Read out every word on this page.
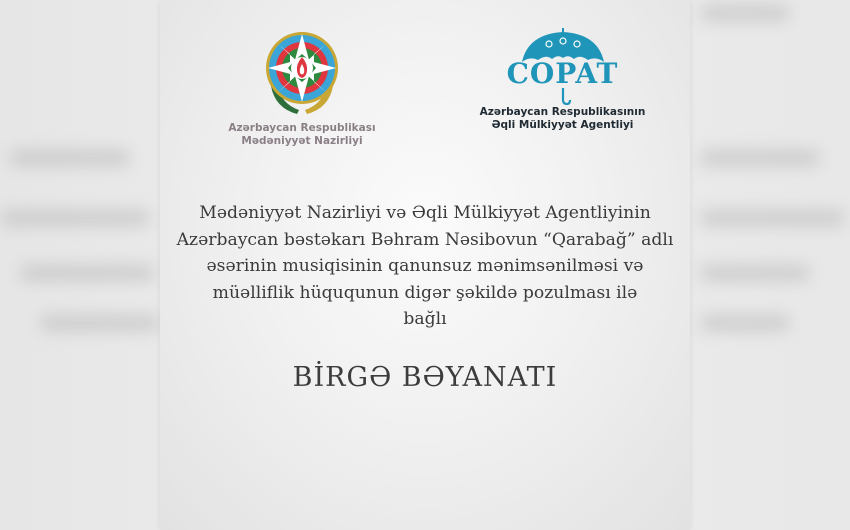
Azərbaycan Respublikası
Mədəniyyət Nazirliyi
COPAT
Azərbaycan Respublikasının
Əqli Mülkiyyət Agentliyi
Mədəniyyət Nazirliyi və Əqli Mülkiyyət Agentliyinin
Azərbaycan bəstəkarı Bəhram Nəsibovun “Qarabağ” adlı
əsərinin musiqisinin qanunsuz mənimsənilməsi və
müəlliflik hüququnun digər şəkildə pozulması ilə
bağlı
BİRGƏ BƏYANATI
